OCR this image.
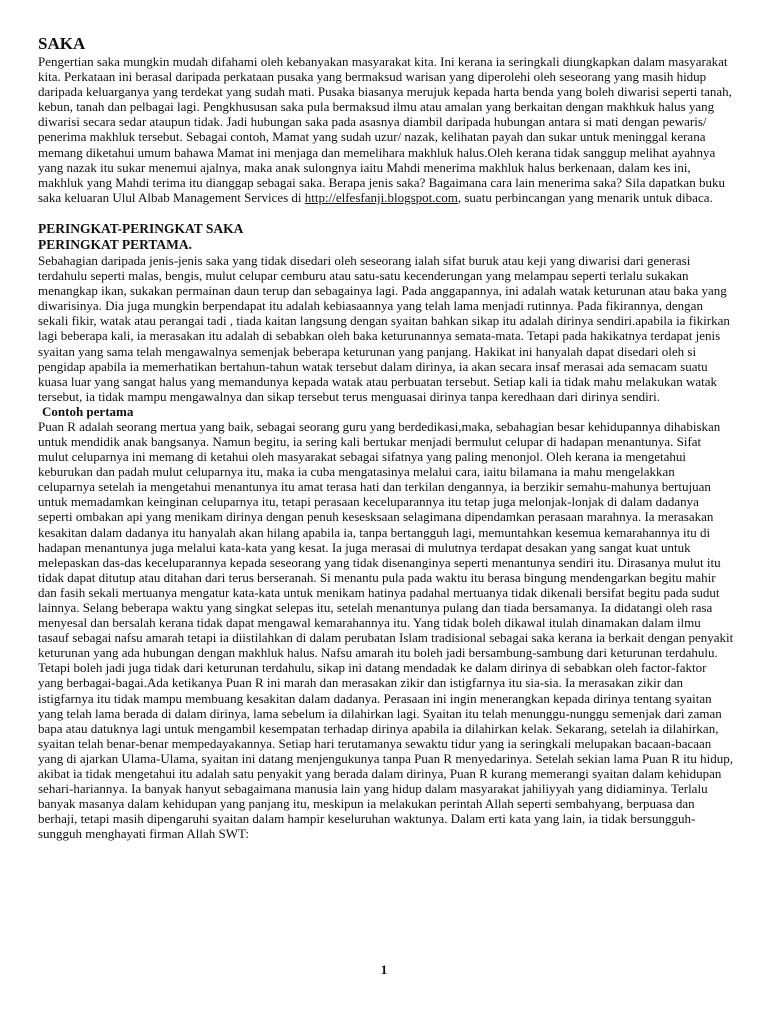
SAKA

Pengertian saka mungkin mudah difahami oleh kebanyakan masyarakat kita. Ini kerana ia seringkali diungkapkan dalam masyarakat kita. Perkataan ini berasal daripada perkataan pusaka yang bermaksud warisan yang diperolehi oleh seseorang yang masih hidup daripada keluarganya yang terdekat yang sudah mati. Pusaka biasanya merujuk kepada harta benda yang boleh diwarisi seperti tanah, kebun, tanah dan pelbagai lagi. Pengkhususan saka pula bermaksud ilmu atau amalan yang berkaitan dengan makhkuk halus yang diwarisi secara sedar ataupun tidak. Jadi hubungan saka pada asasnya diambil daripada hubungan antara si mati dengan pewaris/ penerima makhluk tersebut. Sebagai contoh, Mamat yang sudah uzur/ nazak, kelihatan payah dan sukar untuk meninggal kerana memang diketahui umum bahawa Mamat ini menjaga dan memelihara makhluk halus.Oleh kerana tidak sanggup melihat ayahnya yang nazak itu sukar menemui ajalnya, maka anak sulongnya iaitu Mahdi menerima makhluk halus berkenaan, dalam kes ini, makhluk yang Mahdi terima itu dianggap sebagai saka. Berapa jenis saka? Bagaimana cara lain menerima saka? Sila dapatkan buku saka keluaran Ulul Albab Management Services di http://elfesfanji.blogspot.com, suatu perbincangan yang menarik untuk dibaca.

PERINGKAT-PERINGKAT SAKA
PERINGKAT PERTAMA.

Sebahagian daripada jenis-jenis saka yang tidak disedari oleh seseorang ialah sifat buruk atau keji yang diwarisi dari generasi terdahulu seperti malas, bengis, mulut celupar cemburu atau satu-satu kecenderungan yang melampau seperti terlalu sukakan menangkap ikan, sukakan permainan daun terup dan sebagainya lagi. Pada anggapannya, ini adalah watak keturunan atau baka yang diwarisinya. Dia juga mungkin berpendapat itu adalah kebiasaannya yang telah lama menjadi rutinnya. Pada fikirannya, dengan sekali fikir, watak atau perangai tadi , tiada kaitan langsung dengan syaitan bahkan sikap itu adalah dirinya sendiri.apabila ia fikirkan lagi beberapa kali, ia merasakan itu adalah di sebabkan oleh baka keturunannya semata-mata. Tetapi pada hakikatnya terdapat jenis syaitan yang sama telah mengawalnya semenjak beberapa keturunan yang panjang. Hakikat ini hanyalah dapat disedari oleh si pengidap apabila ia memerhatikan bertahun-tahun watak tersebut dalam dirinya, ia akan secara insaf merasai ada semacam suatu kuasa luar yang sangat halus yang memandunya kepada watak atau perbuatan tersebut. Setiap kali ia tidak mahu melakukan watak tersebut, ia tidak mampu mengawalnya dan sikap tersebut terus menguasai dirinya tanpa keredhaan dari dirinya sendiri.

Contoh pertama

Puan R adalah seorang mertua yang baik, sebagai seorang guru yang berdedikasi,maka, sebahagian besar kehidupannya dihabiskan untuk mendidik anak bangsanya. Namun begitu, ia sering kali bertukar menjadi bermulut celupar di hadapan menantunya. Sifat mulut celuparnya ini memang di ketahui oleh masyarakat sebagai sifatnya yang paling menonjol. Oleh kerana ia mengetahui keburukan dan padah mulut celuparnya itu, maka ia cuba mengatasinya melalui cara, iaitu bilamana ia mahu mengelakkan celuparnya setelah ia mengetahui menantunya itu amat terasa hati dan terkilan dengannya, ia berzikir semahu-mahunya bertujuan untuk memadamkan keinginan celuparnya itu, tetapi perasaan keceluparannya itu tetap juga melonjak-lonjak di dalam dadanya seperti ombakan api yang menikam dirinya dengan penuh kesesksaan selagimana dipendamkan perasaan marahnya. Ia merasakan kesakitan dalam dadanya itu hanyalah akan hilang apabila ia, tanpa bertangguh lagi, memuntahkan kesemua kemarahannya itu di hadapan menantunya juga melalui kata-kata yang kesat. Ia juga merasai di mulutnya terdapat desakan yang sangat kuat untuk melepaskan das-das keceluparannya kepada seseorang yang tidak disenanginya seperti menantunya sendiri itu. Dirasanya mulut itu tidak dapat ditutup atau ditahan dari terus berseranah. Si menantu pula pada waktu itu berasa bingung mendengarkan begitu mahir dan fasih sekali mertuanya mengatur kata-kata untuk menikam hatinya padahal mertuanya tidak dikenali bersifat begitu pada sudut lainnya. Selang beberapa waktu yang singkat selepas itu, setelah menantunya pulang dan tiada bersamanya. Ia didatangi oleh rasa menyesal dan bersalah kerana tidak dapat mengawal kemarahannya itu. Yang tidak boleh dikawal itulah dinamakan dalam ilmu tasauf sebagai nafsu amarah tetapi ia diistilahkan di dalam perubatan Islam tradisional sebagai saka kerana ia berkait dengan penyakit keturunan yang ada hubungan dengan makhluk halus. Nafsu amarah itu boleh jadi bersambung-sambung dari keturunan terdahulu. Tetapi boleh jadi juga tidak dari keturunan terdahulu, sikap ini datang mendadak ke dalam dirinya di sebabkan oleh factor-faktor yang berbagai-bagai.Ada ketikanya Puan R ini marah dan merasakan zikir dan istigfarnya itu sia-sia. Ia merasakan zikir dan istigfarnya itu tidak mampu membuang kesakitan dalam dadanya. Perasaan ini ingin menerangkan kepada dirinya tentang syaitan yang telah lama berada di dalam dirinya, lama sebelum ia dilahirkan lagi. Syaitan itu telah menunggu-nunggu semenjak dari zaman bapa atau datuknya lagi untuk mengambil kesempatan terhadap dirinya apabila ia dilahirkan kelak. Sekarang, setelah ia dilahirkan, syaitan telah benar-benar mempedayakannya. Setiap hari terutamanya sewaktu tidur yang ia seringkali melupakan bacaan-bacaan yang di ajarkan Ulama-Ulama, syaitan ini datang menjengukunya tanpa Puan R menyedarinya. Setelah sekian lama Puan R itu hidup, akibat ia tidak mengetahui itu adalah satu penyakit yang berada dalam dirinya, Puan R kurang memerangi syaitan dalam kehidupan sehari-hariannya. Ia banyak hanyut sebagaimana manusia lain yang hidup dalam masyarakat jahiliyyah yang didiaminya. Terlalu banyak masanya dalam kehidupan yang panjang itu, meskipun ia melakukan perintah Allah seperti sembahyang, berpuasa dan berhaji, tetapi masih dipengaruhi syaitan dalam hampir keseluruhan waktunya. Dalam erti kata yang lain, ia tidak bersungguh-sungguh menghayati firman Allah SWT:

1
